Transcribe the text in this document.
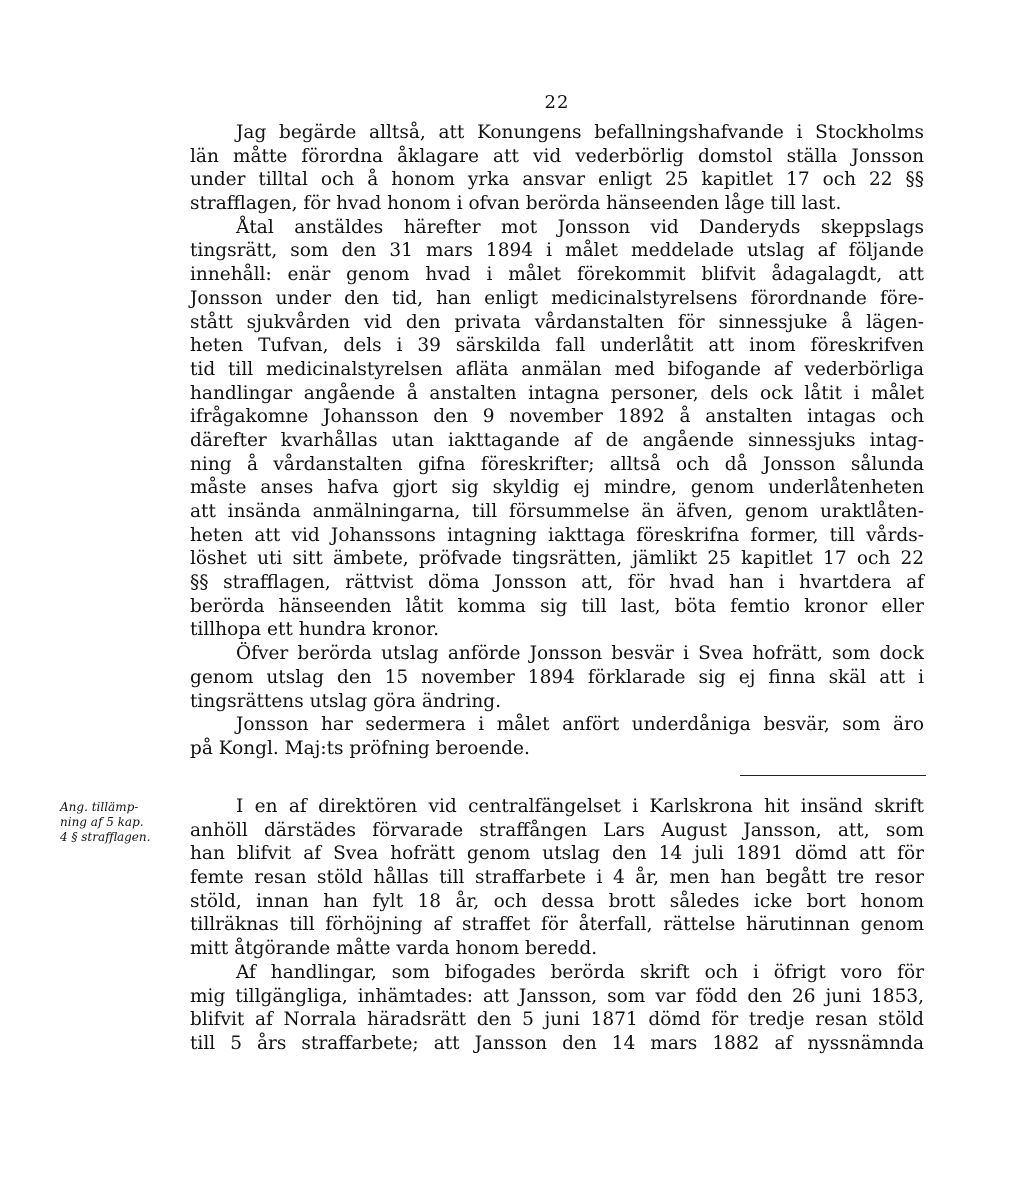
22
Jag begärde alltså, att Konungens befallningshafvande i Stockholms
län måtte förordna åklagare att vid vederbörlig domstol ställa Jonsson
under tilltal och å honom yrka ansvar enligt 25 kapitlet 17 och 22 §§
strafflagen, för hvad honom i ofvan berörda hänseenden låge till last.
Åtal anstäldes härefter mot Jonsson vid Danderyds skeppslags
tingsrätt, som den 31 mars 1894 i målet meddelade utslag af följande
innehåll: enär genom hvad i målet förekommit blifvit ådagalagdt, att
Jonsson under den tid, han enligt medicinalstyrelsens förordnande före-
stått sjukvården vid den privata vårdanstalten för sinnessjuke å lägen-
heten Tufvan, dels i 39 särskilda fall underlåtit att inom föreskrifven
tid till medicinalstyrelsen afläta anmälan med bifogande af vederbörliga
handlingar angående å anstalten intagna personer, dels ock låtit i målet
ifrågakomne Johansson den 9 november 1892 å anstalten intagas och
därefter kvarhållas utan iakttagande af de angående sinnessjuks intag-
ning å vårdanstalten gifna föreskrifter; alltså och då Jonsson sålunda
måste anses hafva gjort sig skyldig ej mindre, genom underlåtenheten
att insända anmälningarna, till försummelse än äfven, genom uraktlåten-
heten att vid Johanssons intagning iakttaga föreskrifna former, till vårds-
löshet uti sitt ämbete, pröfvade tingsrätten, jämlikt 25 kapitlet 17 och 22
§§ strafflagen, rättvist döma Jonsson att, för hvad han i hvartdera af
berörda hänseenden låtit komma sig till last, böta femtio kronor eller
tillhopa ett hundra kronor.
Öfver berörda utslag anförde Jonsson besvär i Svea hofrätt, som dock
genom utslag den 15 november 1894 förklarade sig ej finna skäl att i
tingsrättens utslag göra ändring.
Jonsson har sedermera i målet anfört underdåniga besvär, som äro
på Kongl. Maj:ts pröfning beroende.
Ang. tillämp-
ning af 5 kap.
4 § strafflagen.
I en af direktören vid centralfängelset i Karlskrona hit insänd skrift
anhöll därstädes förvarade straffången Lars August Jansson, att, som
han blifvit af Svea hofrätt genom utslag den 14 juli 1891 dömd att för
femte resan stöld hållas till straffarbete i 4 år, men han begått tre resor
stöld, innan han fylt 18 år, och dessa brott således icke bort honom
tillräknas till förhöjning af straffet för återfall, rättelse härutinnan genom
mitt åtgörande måtte varda honom beredd.
Af handlingar, som bifogades berörda skrift och i öfrigt voro för
mig tillgängliga, inhämtades: att Jansson, som var född den 26 juni 1853,
blifvit af Norrala häradsrätt den 5 juni 1871 dömd för tredje resan stöld
till 5 års straffarbete; att Jansson den 14 mars 1882 af nyssnämnda
